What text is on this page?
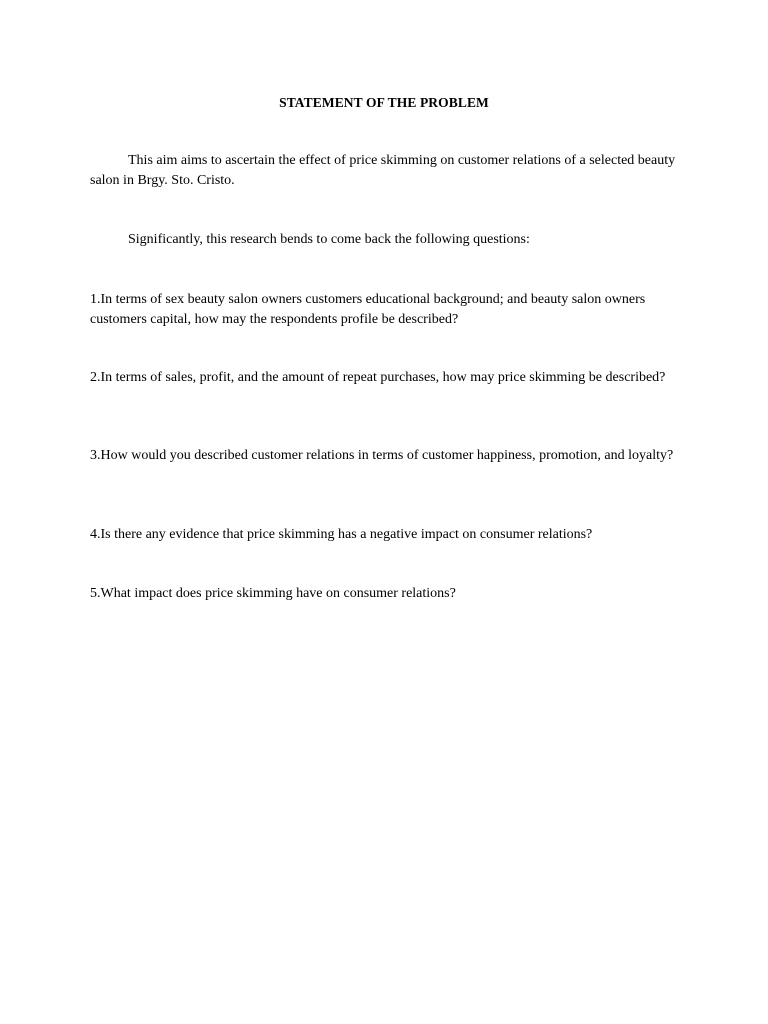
STATEMENT OF THE PROBLEM

This aim aims to ascertain the effect of price skimming on customer relations of a selected beauty salon in Brgy. Sto. Cristo.

Significantly, this research bends to come back the following questions:

1.In terms of sex beauty salon owners customers educational background; and beauty salon owners customers capital, how may the respondents profile be described?

2.In terms of sales, profit, and the amount of repeat purchases, how may price skimming be described?

3.How would you described customer relations in terms of customer happiness, promotion, and loyalty?

4.Is there any evidence that price skimming has a negative impact on consumer relations?

5.What impact does price skimming have on consumer relations?
